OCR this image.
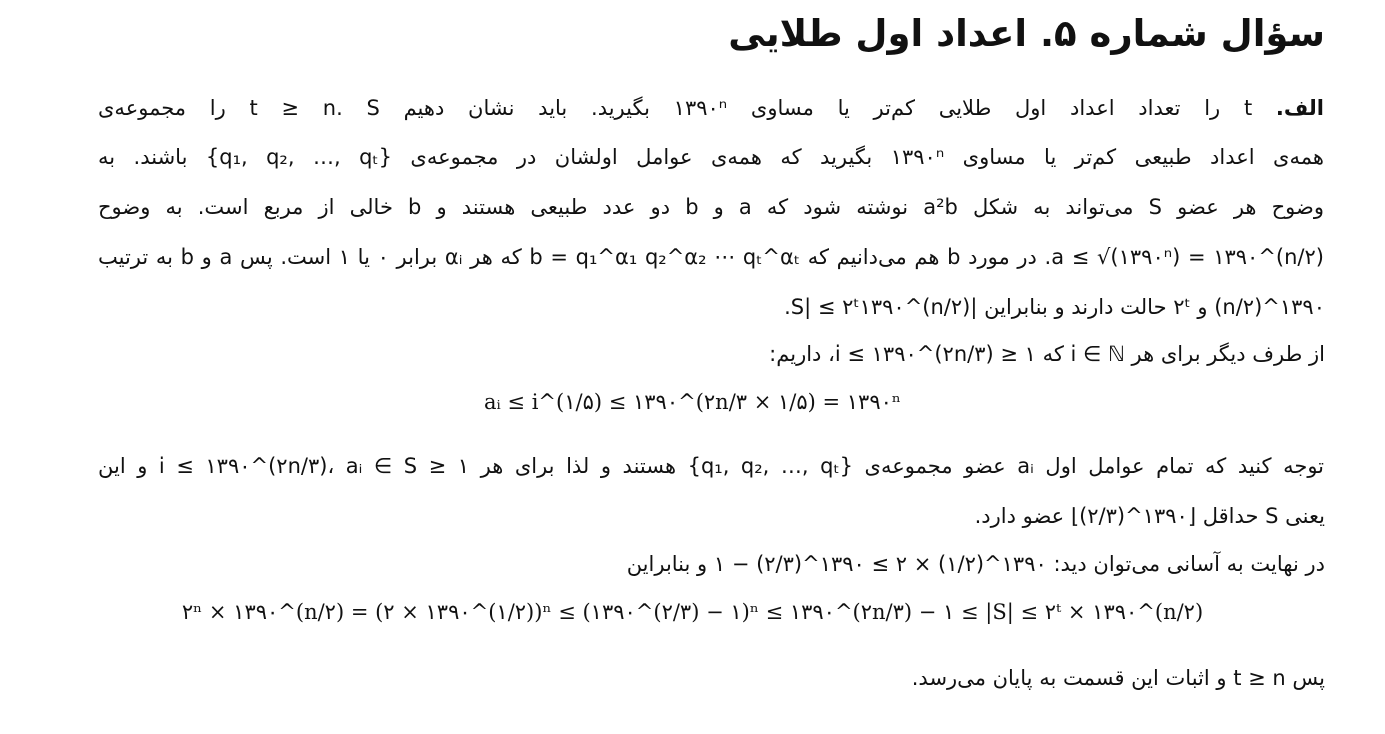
سؤال شماره ۵. اعداد اول طلایی
الف. t را تعداد اعداد اول طلایی کم‌تر یا مساوی ۱۳۹۰ⁿ بگیرید. باید نشان دهیم t ≥ n. S را مجموعه‌ی
همه‌ی اعداد طبیعی کم‌تر یا مساوی ۱۳۹۰ⁿ بگیرید که همه‌ی عوامل اولشان در مجموعه‌ی {q₁, q₂, …, qₜ} باشند. به
وضوح هر عضو S می‌تواند به شکل a²b نوشته شود که a و b دو عدد طبیعی هستند و b خالی از مربع است. به وضوح
a ≤ √(۱۳۹۰ⁿ) = ۱۳۹۰^(n/۲). در مورد b هم می‌دانیم که b = q₁^α₁ q₂^α₂ ⋯ qₜ^αₜ که هر αᵢ برابر ۰ یا ۱ است. پس a و b به ترتیب
۱۳۹۰^(n/۲) و ۲ᵗ حالت دارند و بنابراین |S| ≤ ۲ᵗ۱۳۹۰^(n/۲).
از طرف دیگر برای هر i ∈ ℕ که ۱ ≤ i ≤ ۱۳۹۰^(۲n/۳)، داریم:
aᵢ ≤ i^(۱/۵) ≤ ۱۳۹۰^(۲n/۳ × ۱/۵) = ۱۳۹۰ⁿ
توجه کنید که تمام عوامل اول aᵢ عضو مجموعه‌ی {q₁, q₂, …, qₜ} هستند و لذا برای هر ۱ ≤ i ≤ ۱۳۹۰^(۲n/۳)، aᵢ ∈ S و این
یعنی S حداقل ⌊۱۳۹۰^(۲/۳)⌋ عضو دارد.
در نهایت به آسانی می‌توان دید: ۱۳۹۰^(۱/۲) × ۲ ≥ ۱۳۹۰^(۲/۳) − ۱ و بنابراین
۲ⁿ × ۱۳۹۰^(n/۲) = (۲ × ۱۳۹۰^(۱/۲))ⁿ ≤ (۱۳۹۰^(۲/۳) − ۱)ⁿ ≤ ۱۳۹۰^(۲n/۳) − ۱ ≤ |S| ≤ ۲ᵗ × ۱۳۹۰^(n/۲)
پس t ≥ n و اثبات این قسمت به پایان می‌رسد.
